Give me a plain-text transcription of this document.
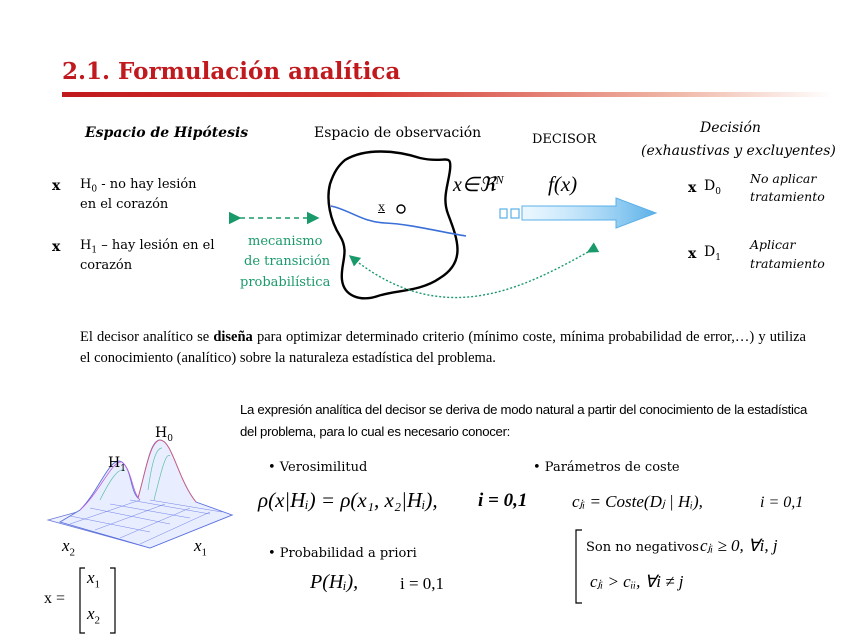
2.1. Formulación analítica
Espacio de Hipótesis
x $H_0$ - no hay lesión
en el corazón
x $H_1$ – hay lesión en el
corazón
mecanismo
de transición
probabilística
Espacio de observación
x
x∈ℜ$^N$
DECISOR
f(x)
Decisión
(exhaustivas y excluyentes)
x $D_0$
No aplicar
tratamiento
x $D_1$
Aplicar
tratamiento
El decisor analítico se diseña para optimizar determinado criterio (mínimo coste, mínima probabilidad de error,…) y utiliza el conocimiento (analítico) sobre la naturaleza estadística del problema.
La expresión analítica del decisor se deriva de modo natural a partir del conocimiento de la estadística del problema, para lo cual es necesario conocer:
$H_0$
$H_1$
$x_2$	$x_1$
x =
$x_1$
$x_2$
• Verosimilitud
ρ(x|Hᵢ) = ρ(x₁, x₂|Hᵢ), i = 0,1
• Probabilidad a priori
P(Hᵢ), i = 0,1
• Parámetros de coste
cⱼᵢ = Coste(Dⱼ | Hᵢ),	i = 0,1
Son no negativos cⱼᵢ ≥ 0, ∀i, j
cⱼᵢ > cᵢᵢ, ∀i ≠ j
